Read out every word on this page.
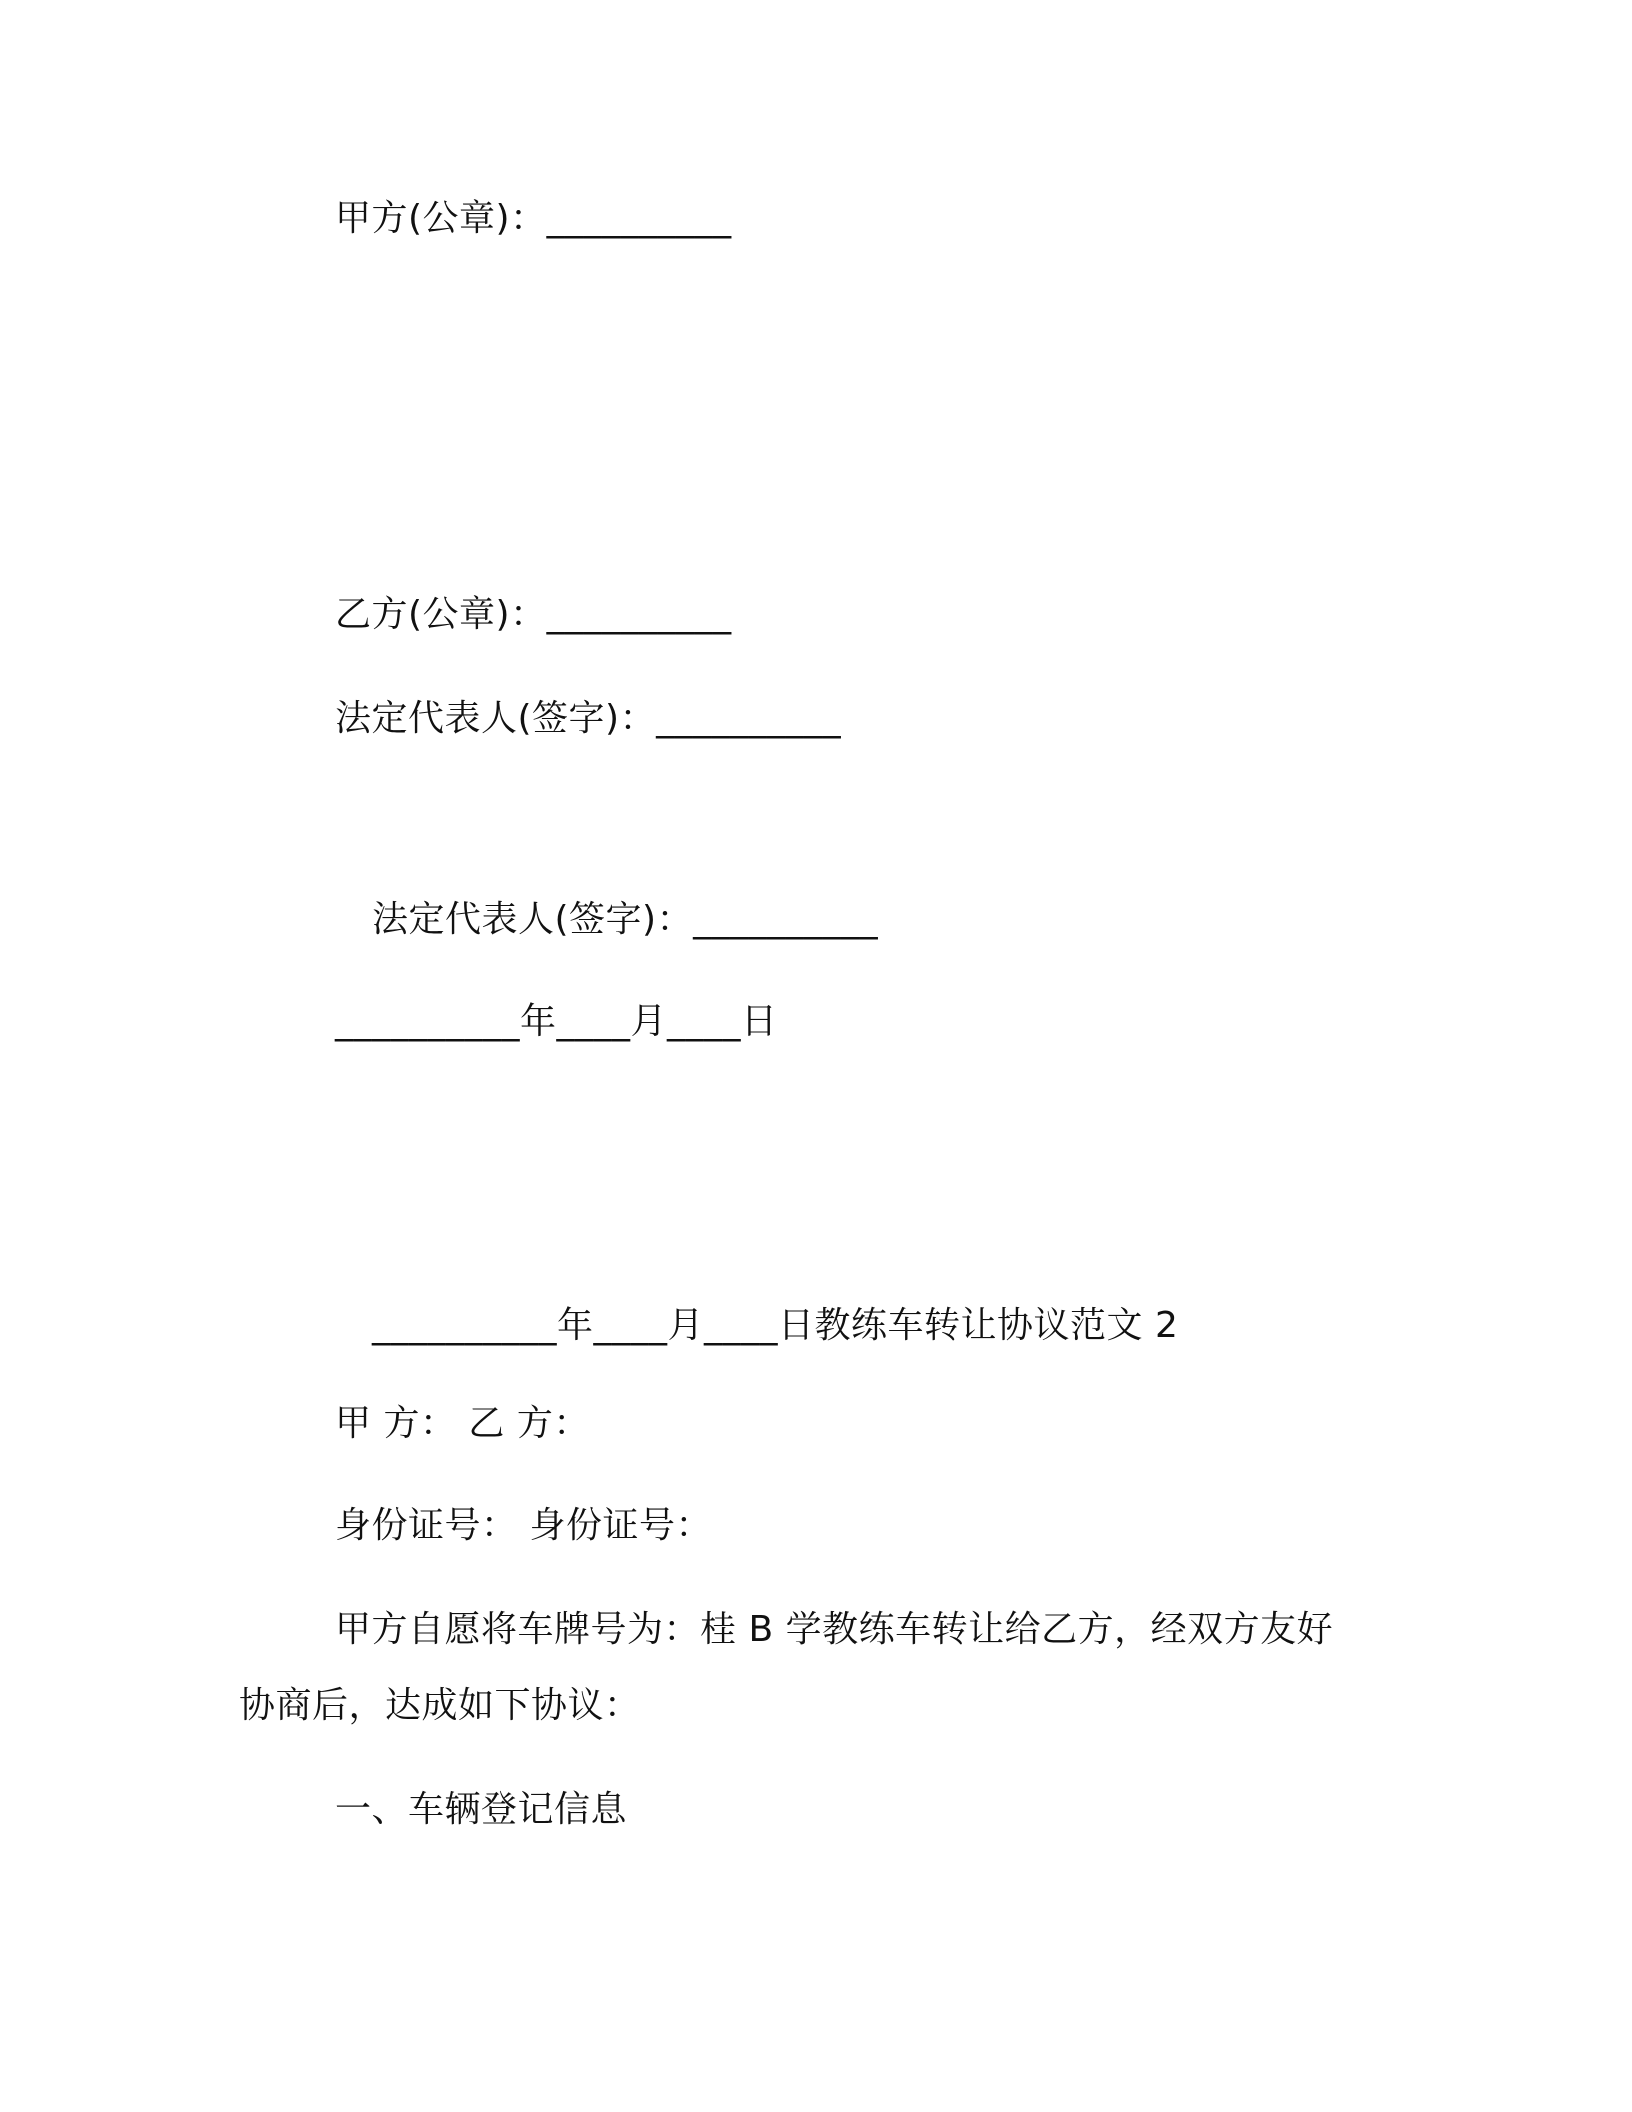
甲方(公章)：__________
乙方(公章)：__________
法定代表人(签字)：__________
法定代表人(签字)：__________
__________年____月____日
__________年____月____日教练车转让协议范文 2
甲 方： 乙 方：
身份证号： 身份证号：
甲方自愿将车牌号为：桂 B 学教练车转让给乙方，经双方友好
协商后，达成如下协议：
一、车辆登记信息
